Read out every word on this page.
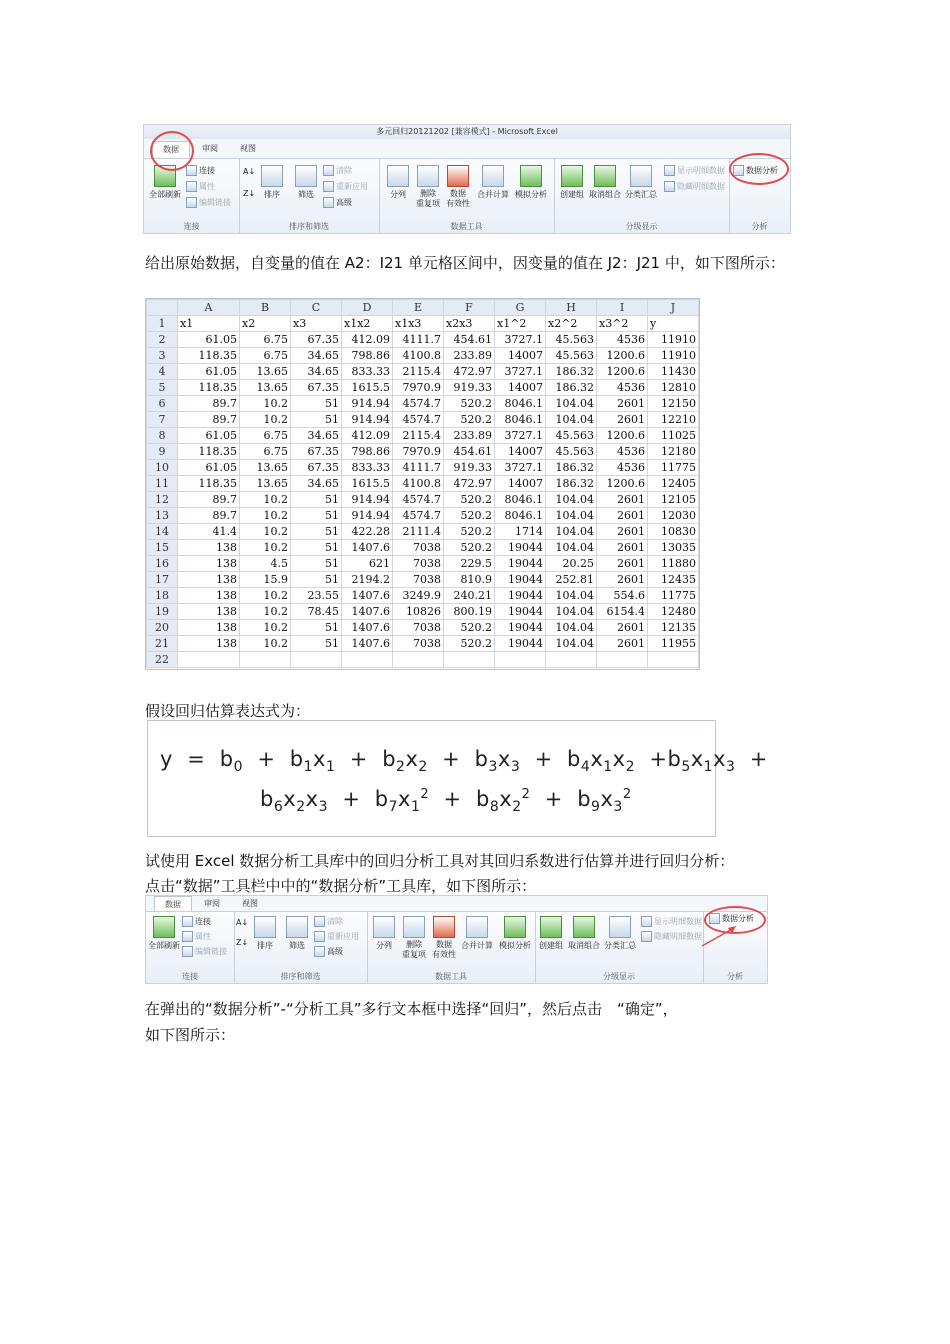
多元回归20121202 [兼容模式] - Microsoft Excel
数据	审阅	视图
全部刷新
连接
属性
编辑链接
连接
A↓
Z↓	排序	筛选
清除
重新应用
高级
排序和筛选
分列	删除
重复项
数据
有效性
合并计算 模拟分析
数据工具
创建组 取消组合 分类汇总
显示明细数据
隐藏明细数据
分级显示
数据分析
分析
给出原始数据，自变量的值在 A2：I21 单元格区间中，因变量的值在 J2：J21 中，如下图所示：
	A	B	C	D	E	F	G	H	I	J
1	x1	x2	x3	x1x2	x1x3	x2x3	x1^2	x2^2	x3^2	y
2	61.05	6.75	67.35	412.09	4111.7	454.61	3727.1	45.563	4536	11910
3	118.35	6.75	34.65	798.86	4100.8	233.89	14007	45.563	1200.6	11910
4	61.05	13.65	34.65	833.33	2115.4	472.97	3727.1	186.32	1200.6	11430
5	118.35	13.65	67.35	1615.5	7970.9	919.33	14007	186.32	4536	12810
6	89.7	10.2	51	914.94	4574.7	520.2	8046.1	104.04	2601	12150
7	89.7	10.2	51	914.94	4574.7	520.2	8046.1	104.04	2601	12210
8	61.05	6.75	34.65	412.09	2115.4	233.89	3727.1	45.563	1200.6	11025
9	118.35	6.75	67.35	798.86	7970.9	454.61	14007	45.563	4536	12180
10	61.05	13.65	67.35	833.33	4111.7	919.33	3727.1	186.32	4536	11775
11	118.35	13.65	34.65	1615.5	4100.8	472.97	14007	186.32	1200.6	12405
12	89.7	10.2	51	914.94	4574.7	520.2	8046.1	104.04	2601	12105
13	89.7	10.2	51	914.94	4574.7	520.2	8046.1	104.04	2601	12030
14	41.4	10.2	51	422.28	2111.4	520.2	1714	104.04	2601	10830
15	138	10.2	51	1407.6	7038	520.2	19044	104.04	2601	13035
16	138	4.5	51	621	7038	229.5	19044	20.25	2601	11880
17	138	15.9	51	2194.2	7038	810.9	19044	252.81	2601	12435
18	138	10.2	23.55	1407.6	3249.9	240.21	19044	104.04	554.6	11775
19	138	10.2	78.45	1407.6	10826	800.19	19044	104.04	6154.4	12480
20	138	10.2	51	1407.6	7038	520.2	19044	104.04	2601	12135
21	138	10.2	51	1407.6	7038	520.2	19044	104.04	2601	11955
22										
假设回归估算表达式为：
$y = b_0 + b_1x_1 + b_2x_2 + b_3x_3 + b_4x_1x_2 +b_5x_1x_3$  +
$b_6x_2x_3 + b_7x_1^2 + b_8x_2^2 + b_9x_3^2$
试使用 Excel 数据分析工具库中的回归分析工具对其回归系数进行估算并进行回归分析：
点击“数据”工具栏中中的“数据分析”工具库，如下图所示：
数据	审阅	视图
全部刷新
连接
属性
编辑链接
连接
A↓
Z↓	排序	筛选
清除
重新应用
高级
排序和筛选
分列	删除
重复项
数据
有效性
合并计算 模拟分析
数据工具
创建组 取消组合 分类汇总
显示明细数据
隐藏明细数据
分级显示
数据分析
分析
在弹出的“数据分析”-“分析工具”多行文本框中选择“回归”，然后点击　“确定”，
如下图所示：
